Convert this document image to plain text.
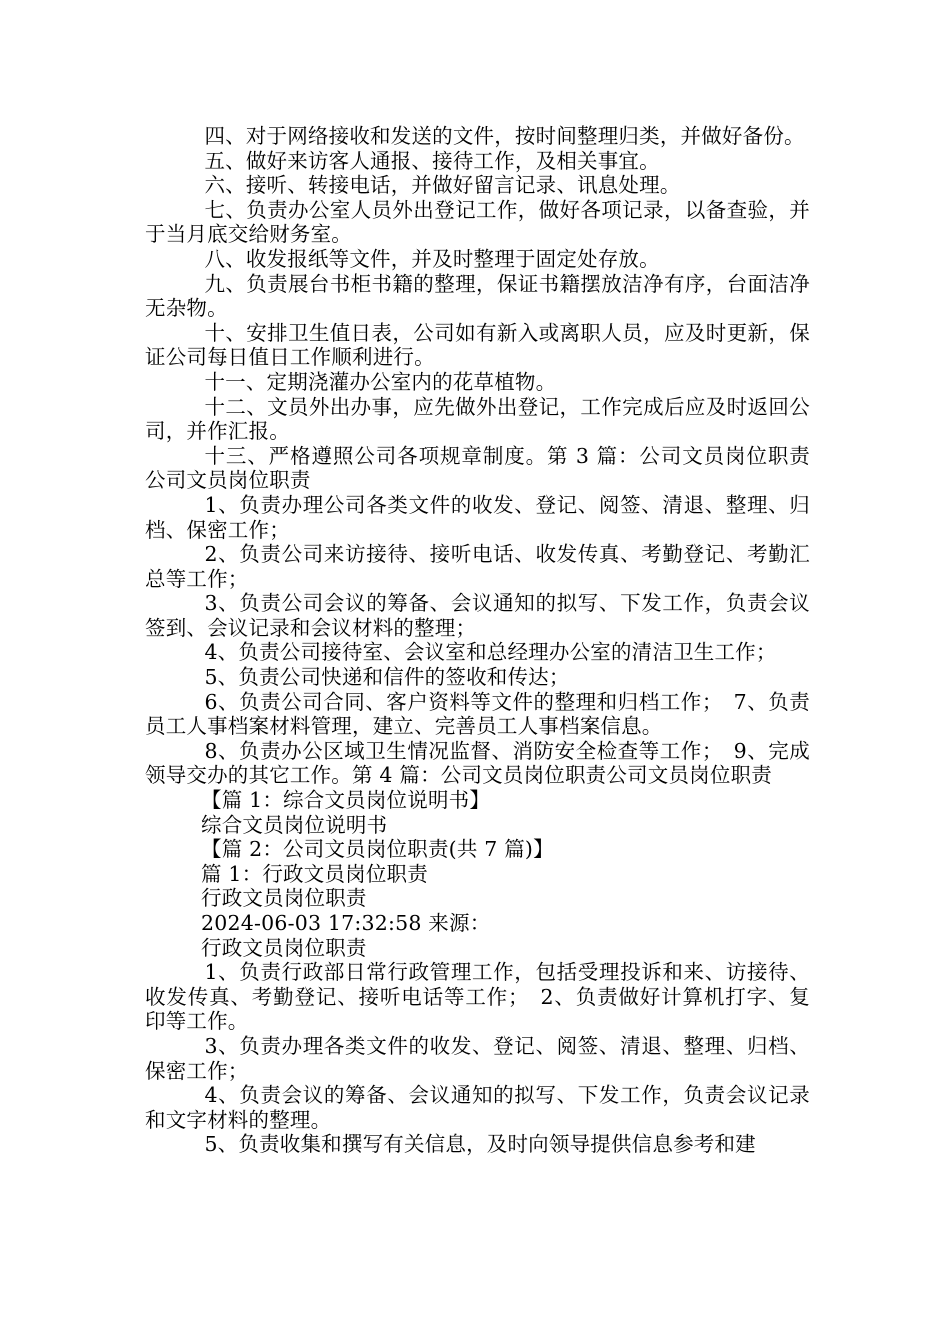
四、对于网络接收和发送的文件，按时间整理归类，并做好备份。

五、做好来访客人通报、接待工作，及相关事宜。

六、接听、转接电话，并做好留言记录、讯息处理。

七、负责办公室人员外出登记工作，做好各项记录，以备查验，并于当月底交给财务室。

八、收发报纸等文件，并及时整理于固定处存放。

九、负责展台书柜书籍的整理，保证书籍摆放洁净有序，台面洁净无杂物。

十、安排卫生值日表，公司如有新入或离职人员，应及时更新，保证公司每日值日工作顺利进行。

十一、定期浇灌办公室内的花草植物。

十二、文员外出办事，应先做外出登记，工作完成后应及时返回公司，并作汇报。

十三、严格遵照公司各项规章制度。第 3 篇：公司文员岗位职责公司文员岗位职责

1、负责办理公司各类文件的收发、登记、阅签、清退、整理、归档、保密工作；

2、负责公司来访接待、接听电话、收发传真、考勤登记、考勤汇总等工作；

3、负责公司会议的筹备、会议通知的拟写、下发工作，负责会议签到、会议记录和会议材料的整理；

4、负责公司接待室、会议室和总经理办公室的清洁卫生工作；

5、负责公司快递和信件的签收和传达；

6、负责公司合同、客户资料等文件的整理和归档工作；　7、负责员工人事档案材料管理，建立、完善员工人事档案信息。

8、负责办公区域卫生情况监督、消防安全检查等工作；　9、完成领导交办的其它工作。第 4 篇：公司文员岗位职责公司文员岗位职责

【篇 1：综合文员岗位说明书】

综合文员岗位说明书

【篇 2：公司文员岗位职责(共 7 篇)】

篇 1：行政文员岗位职责

行政文员岗位职责

2024-06-03 17:32:58 来源：

行政文员岗位职责

1、负责行政部日常行政管理工作，包括受理投诉和来、访接待、收发传真、考勤登记、接听电话等工作；　2、负责做好计算机打字、复印等工作。

3、负责办理各类文件的收发、登记、阅签、清退、整理、归档、保密工作；

4、负责会议的筹备、会议通知的拟写、下发工作，负责会议记录和文字材料的整理。

5、负责收集和撰写有关信息，及时向领导提供信息参考和建
